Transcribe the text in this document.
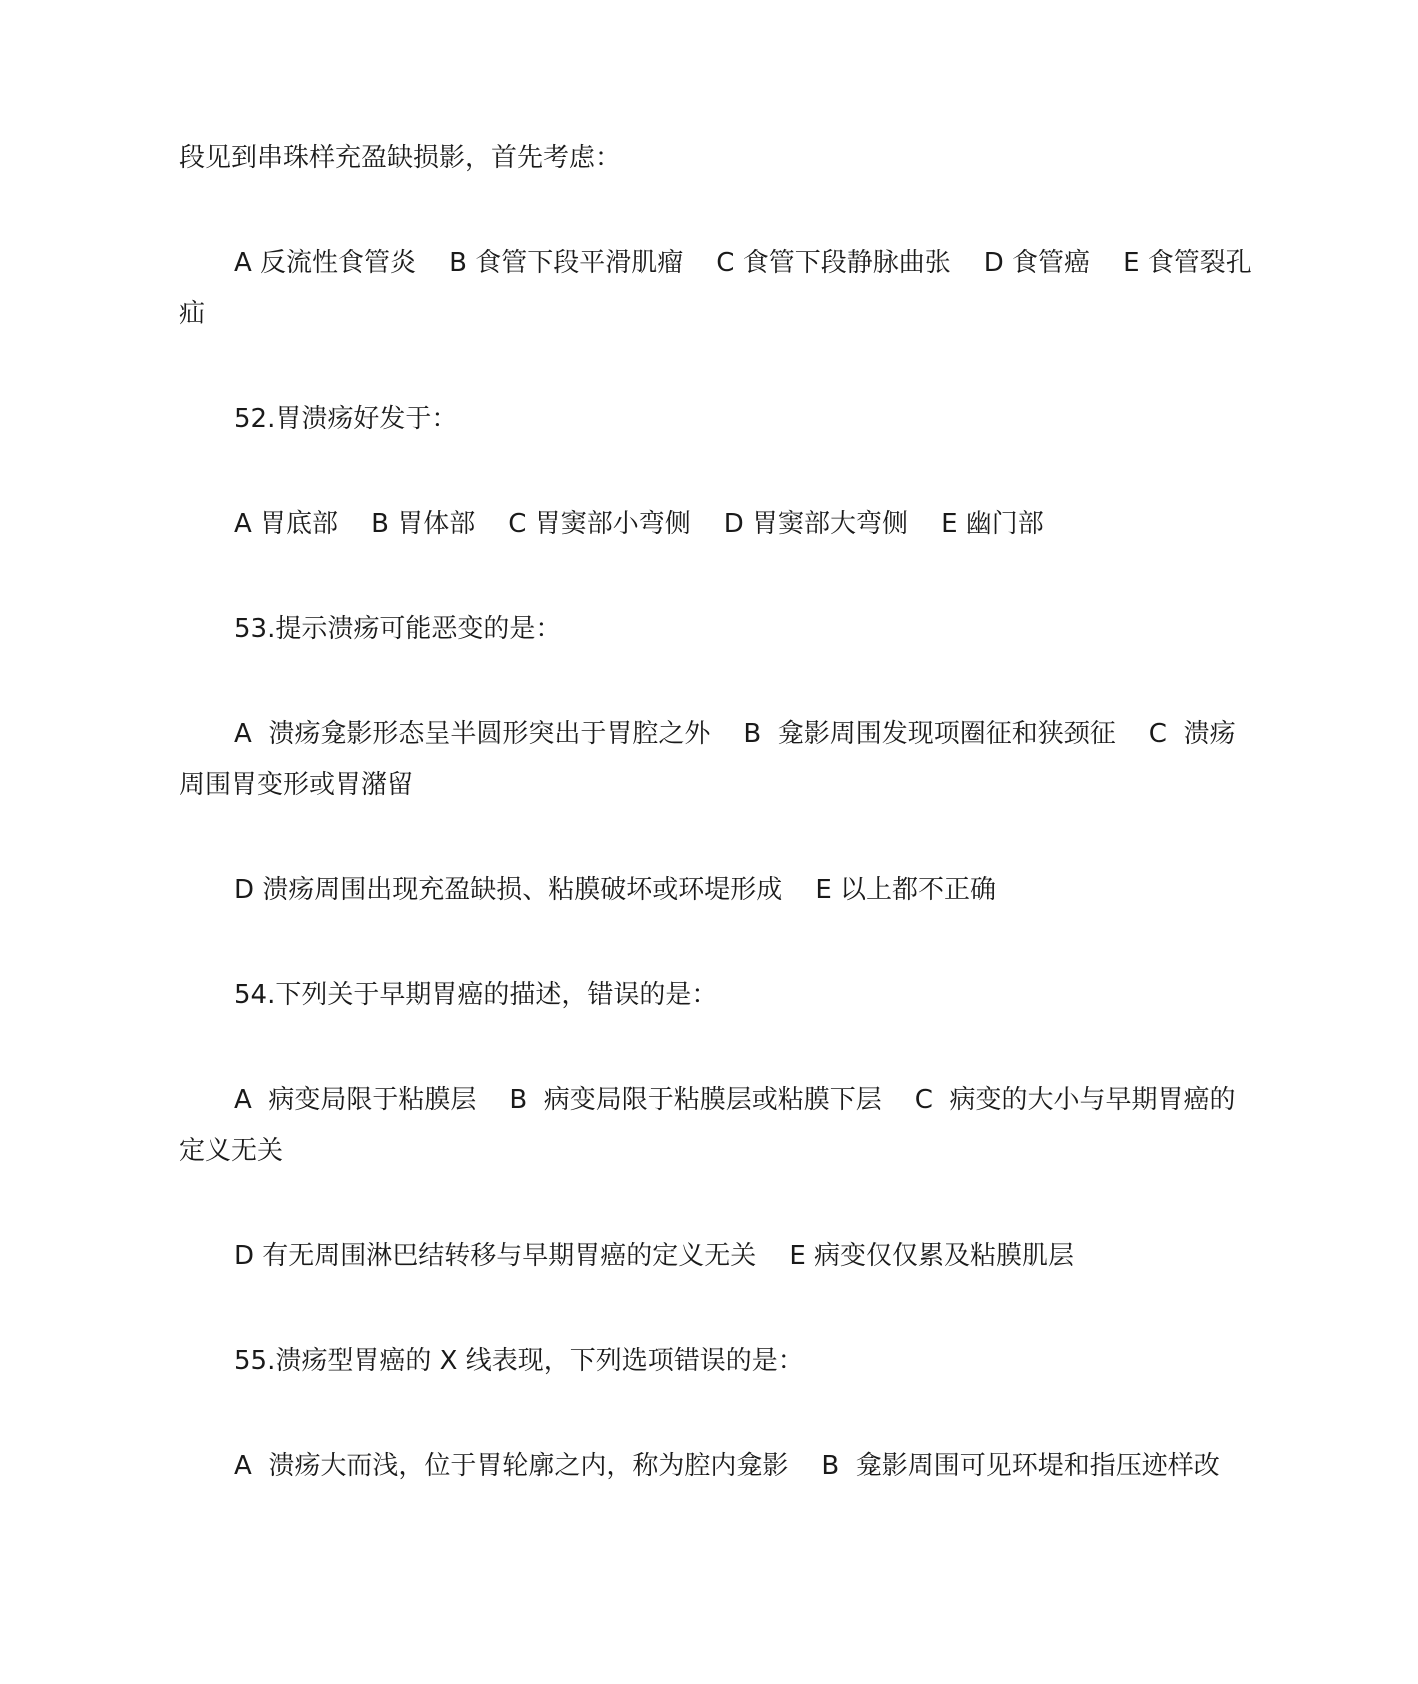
段见到串珠样充盈缺损影，首先考虑：
A 反流性食管炎    B 食管下段平滑肌瘤    C 食管下段静脉曲张    D 食管癌    E 食管裂孔
疝
52.胃溃疡好发于：
A 胃底部    B 胃体部    C 胃窦部小弯侧    D 胃窦部大弯侧    E 幽门部
53.提示溃疡可能恶变的是：
A  溃疡龛影形态呈半圆形突出于胃腔之外    B  龛影周围发现项圈征和狭颈征    C  溃疡
周围胃变形或胃潴留
D 溃疡周围出现充盈缺损、粘膜破坏或环堤形成    E 以上都不正确
54.下列关于早期胃癌的描述，错误的是：
A  病变局限于粘膜层    B  病变局限于粘膜层或粘膜下层    C  病变的大小与早期胃癌的
定义无关
D 有无周围淋巴结转移与早期胃癌的定义无关    E 病变仅仅累及粘膜肌层
55.溃疡型胃癌的 X 线表现，下列选项错误的是：
A  溃疡大而浅，位于胃轮廓之内，称为腔内龛影    B  龛影周围可见环堤和指压迹样改
